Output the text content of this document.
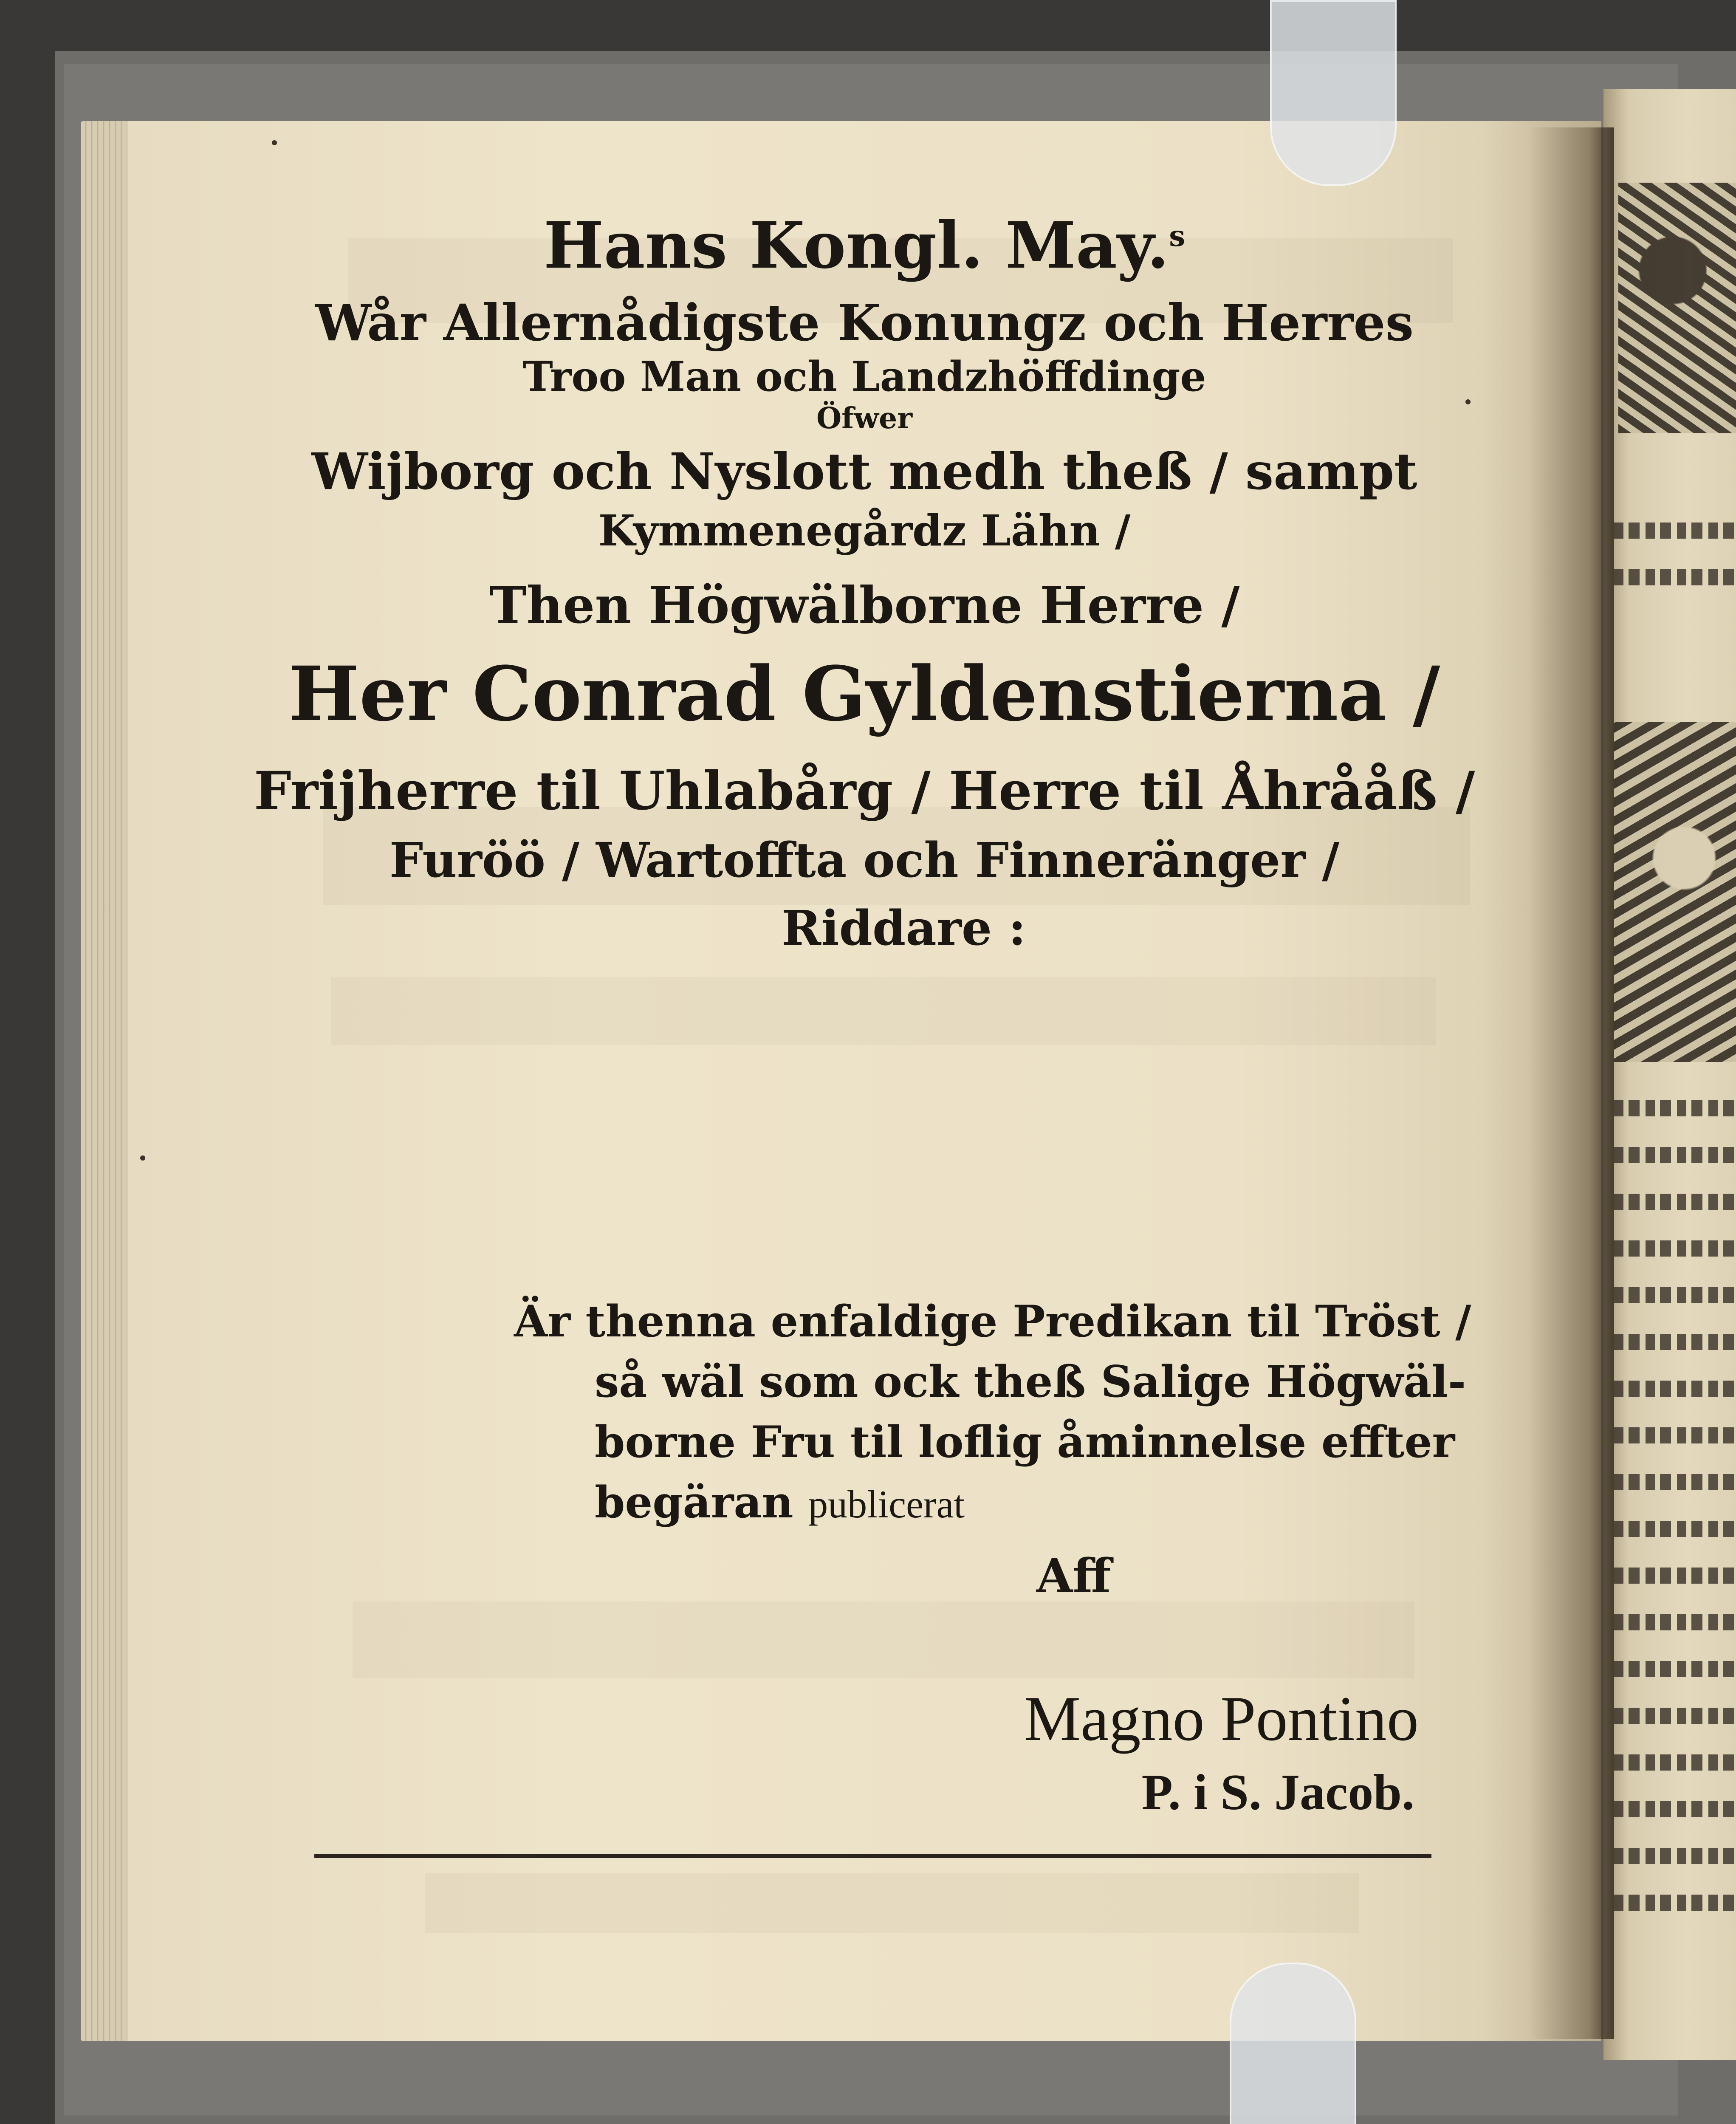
Hans Kongl. May.$^s$
Wår Allernådigste Konungz och Herres
Troo Man och Landzhöffdinge
Öfwer
Wijborg och Nyslott medh theß / sampt
Kymmenegårdz Lähn /
Then Högwälborne Herre /
Her Conrad Gyldenstierna /
Frijherre til Uhlabårg / Herre til Åhrååß /
Furöö / Wartoffta och Finneränger /
Riddare :
Är thenna enfaldige Predikan til Tröst /
så wäl som ock theß Salige Högwäl-
borne Fru til loflig åminnelse effter
begäran publicerat
Aff
Magno Pontino
P. i S. Jacob.
